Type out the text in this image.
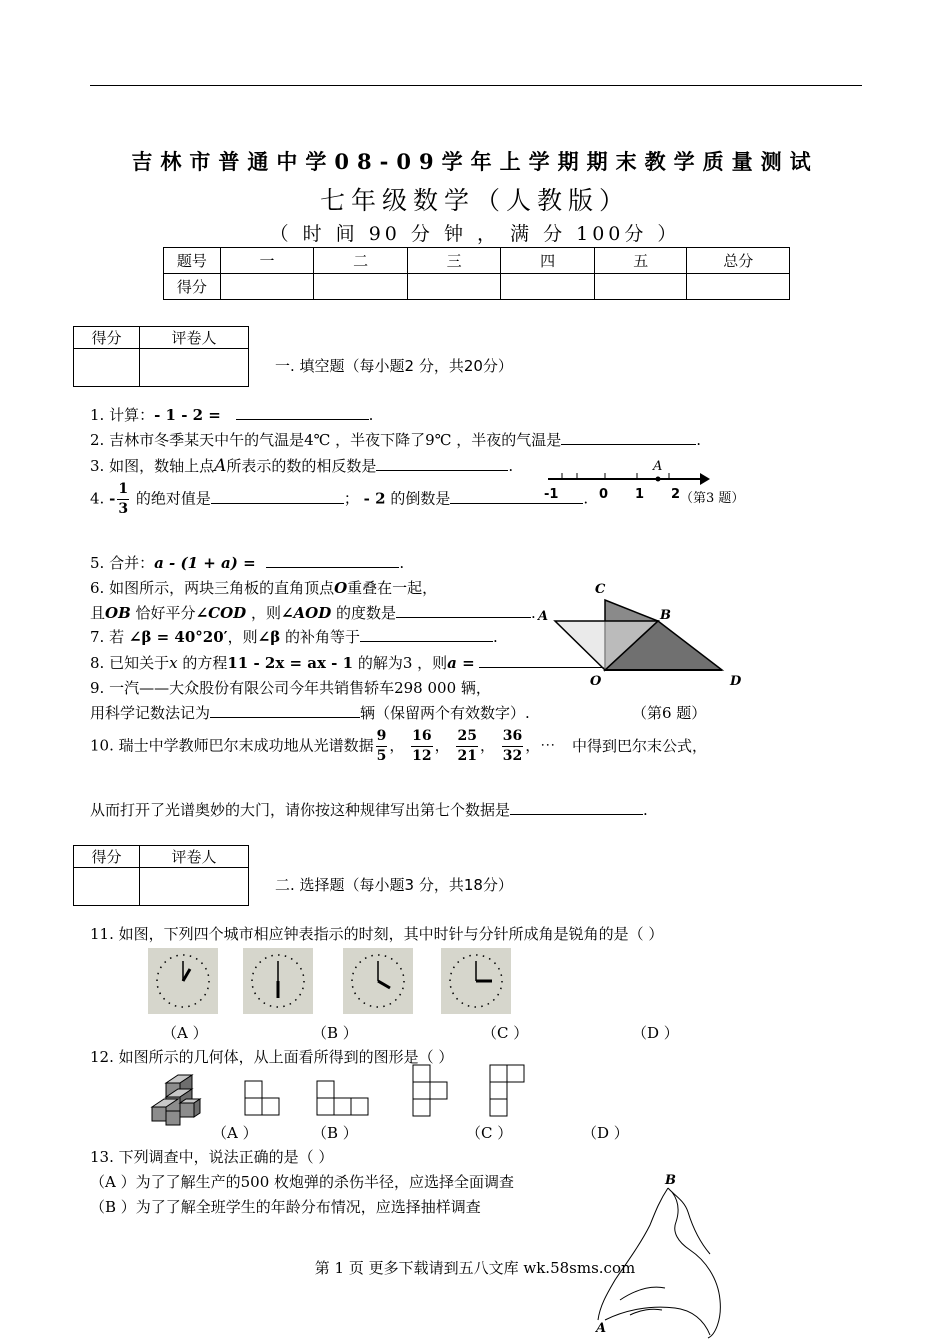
吉林市普通中学08-09学年上学期期末教学质量测试
七年级数学（人教版）
（ 时 间 90 分 钟 ， 满 分 100分 ）
题号	一	二	三	四	五	总分
得分						
得分	评卷人

一. 填空题（每小题2 分，共20分）
1. 计算：- 1 - 2 =	.
2. 吉林市冬季某天中午的气温是4℃ ，半夜下降了9℃ ，半夜的气温是	.
3. 如图，数轴上点A所表示的数的相反数是	.
-1	0 1 2
A
（第3 题）
4. - $\frac{1}{3}$ 的绝对值是	； - 2 的倒数是	.
5. 合并：a - (1 + a) =	.
6. 如图所示，两块三角板的直角顶点O重叠在一起，
且OB 恰好平分∠COD ，则∠AOD 的度数是	.
7. 若 ∠β = 40°20′，则∠β 的补角等于	.
8. 已知关于x 的方程11 - 2x = ax - 1 的解为3 ，则a =
C
A	B
O	D
9. 一汽——大众股份有限公司今年共销售轿车298 000 辆，
用科学记数法记为	辆（保留两个有效数字）.	（第6 题）
10. 瑞士中学教师巴尔末成功地从光谱数据 $\frac{9}{5}$ ， $\frac{16}{12}$ ， $\frac{25}{21}$ ， $\frac{36}{32}$ ，⋯ 中得到巴尔末公式，
从而打开了光谱奥妙的大门，请你按这种规律写出第七个数据是	.
得分	评卷人

二. 选择题（每小题3 分，共18分）
11. 如图，下列四个城市相应钟表指示的时刻，其中时针与分针所成角是锐角的是（ ）
（A ）	（B ）	（C ）	（D ）
12. 如图所示的几何体，从上面看所得到的图形是（ ）
（A ）	（B ）	（C ）	（D ）
13. 下列调查中，说法正确的是（ ）
（A ）为了了解生产的500 枚炮弹的杀伤半径，应选择全面调查
（B ）为了了解全班学生的年龄分布情况，应选择抽样调查
B
A
第 1 页 更多下载请到五八文库 wk.58sms.com
